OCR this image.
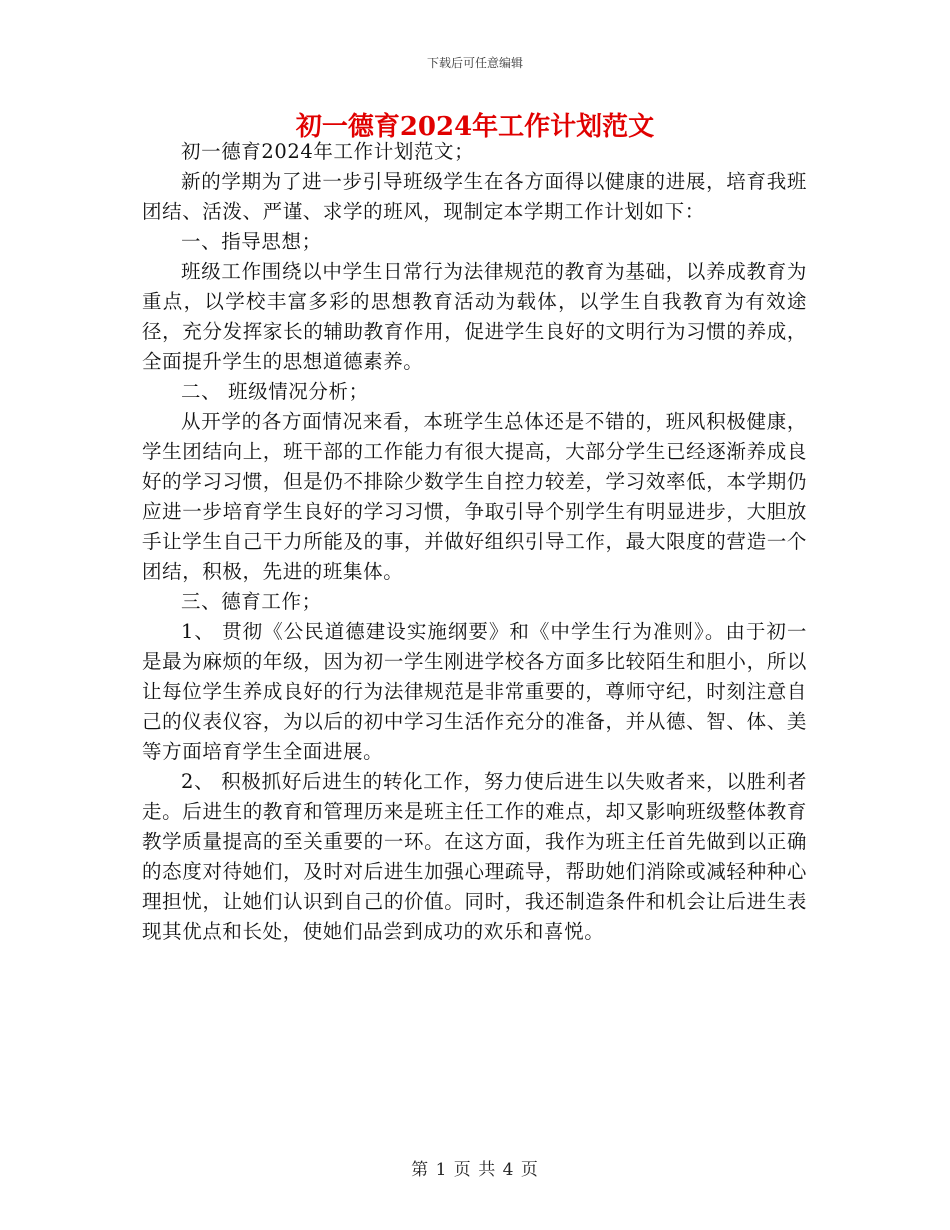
下载后可任意编辑
初一德育2024年工作计划范文

初一德育2024年工作计划范文；

新的学期为了进一步引导班级学生在各方面得以健康的进展，培育我班团结、活泼、严谨、求学的班风，现制定本学期工作计划如下：

一、指导思想；

班级工作围绕以中学生日常行为法律规范的教育为基础，以养成教育为重点，以学校丰富多彩的思想教育活动为载体，以学生自我教育为有效途径，充分发挥家长的辅助教育作用，促进学生良好的文明行为习惯的养成，全面提升学生的思想道德素养。

二、 班级情况分析；

从开学的各方面情况来看，本班学生总体还是不错的，班风积极健康，学生团结向上，班干部的工作能力有很大提高，大部分学生已经逐渐养成良好的学习习惯，但是仍不排除少数学生自控力较差，学习效率低，本学期仍应进一步培育学生良好的学习习惯，争取引导个别学生有明显进步，大胆放手让学生自己干力所能及的事，并做好组织引导工作，最大限度的营造一个团结，积极，先进的班集体。

三、德育工作；

1、 贯彻《公民道德建设实施纲要》和《中学生行为准则》。由于初一是最为麻烦的年级，因为初一学生刚进学校各方面多比较陌生和胆小，所以让每位学生养成良好的行为法律规范是非常重要的，尊师守纪，时刻注意自己的仪表仪容，为以后的初中学习生活作充分的准备，并从德、智、体、美等方面培育学生全面进展。

2、 积极抓好后进生的转化工作，努力使后进生以失败者来，以胜利者走。后进生的教育和管理历来是班主任工作的难点，却又影响班级整体教育教学质量提高的至关重要的一环。在这方面，我作为班主任首先做到以正确的态度对待她们，及时对后进生加强心理疏导，帮助她们消除或减轻种种心理担忧，让她们认识到自己的价值。同时，我还制造条件和机会让后进生表现其优点和长处，使她们品尝到成功的欢乐和喜悦。

第 1 页 共 4 页
